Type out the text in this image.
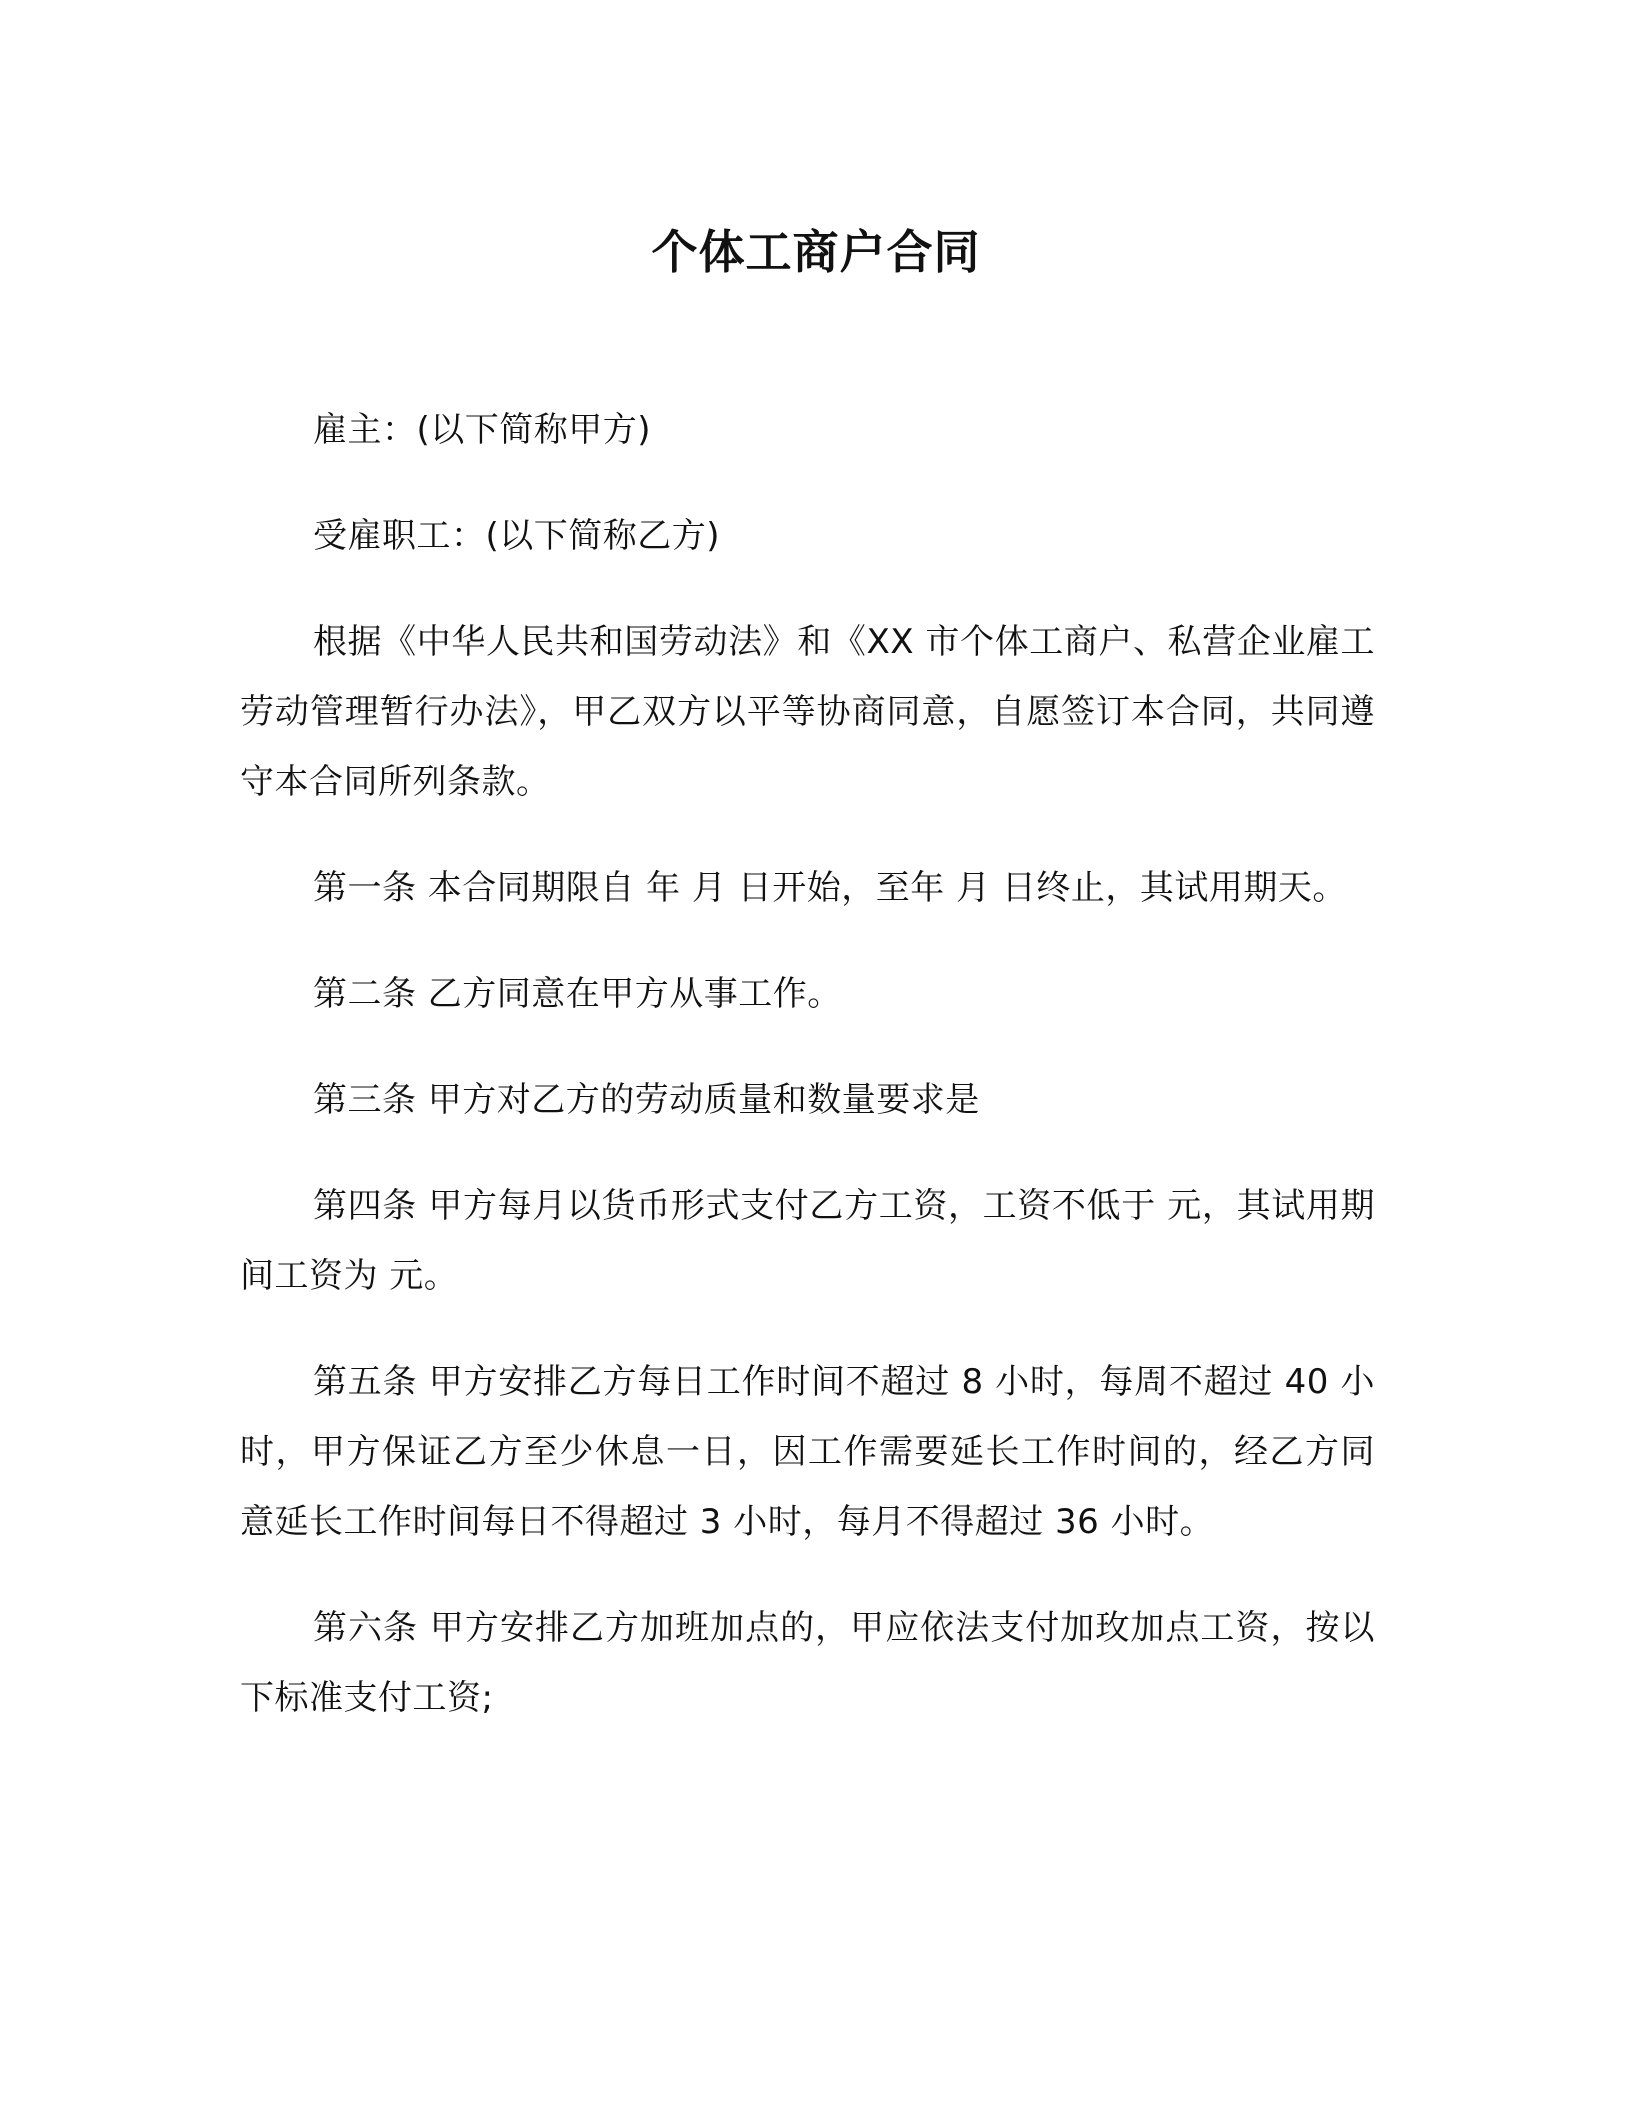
个体工商户合同

雇主：(以下简称甲方)

受雇职工：(以下简称乙方)

根据《中华人民共和国劳动法》和《XX 市个体工商户、私营企业雇工劳动管理暂行办法》，甲乙双方以平等协商同意，自愿签订本合同，共同遵守本合同所列条款。

第一条 本合同期限自 年 月 日开始，至年 月 日终止，其试用期天。

第二条 乙方同意在甲方从事工作。

第三条 甲方对乙方的劳动质量和数量要求是

第四条 甲方每月以货币形式支付乙方工资，工资不低于 元，其试用期间工资为 元。

第五条 甲方安排乙方每日工作时间不超过 8 小时，每周不超过 40 小时，甲方保证乙方至少休息一日，因工作需要延长工作时间的，经乙方同意延长工作时间每日不得超过 3 小时，每月不得超过 36 小时。

第六条 甲方安排乙方加班加点的，甲应依法支付加玫加点工资，按以下标准支付工资;
